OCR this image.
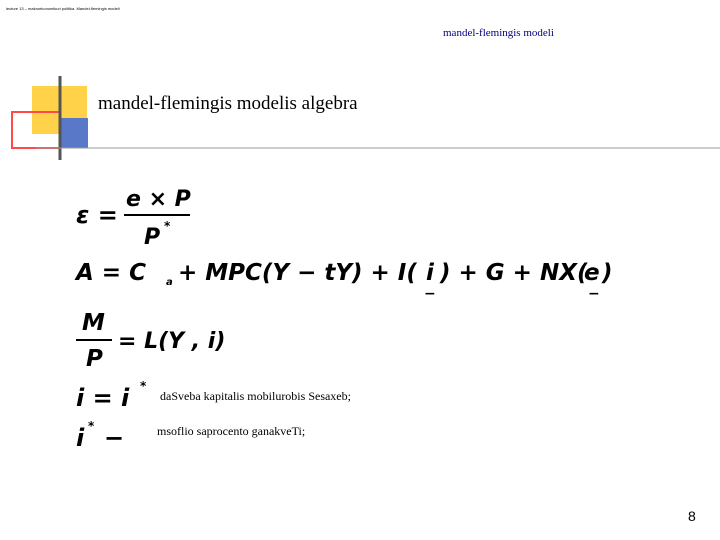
lecture 13 – makroekonomikuri politika. Mandel-flemingis modeli
mandel-flemingis modeli
mandel-flemingis modelis algebra
ε =
e × P
P *
A = C a + MPC(Y − tY) + I( i
−
) + G + NX(
e
−
)
M
P
= L(Y , i)
i = i *
i * −
daSveba kapitalis mobilurobis Sesaxeb;
msoflio saprocento ganakveTi;
8
